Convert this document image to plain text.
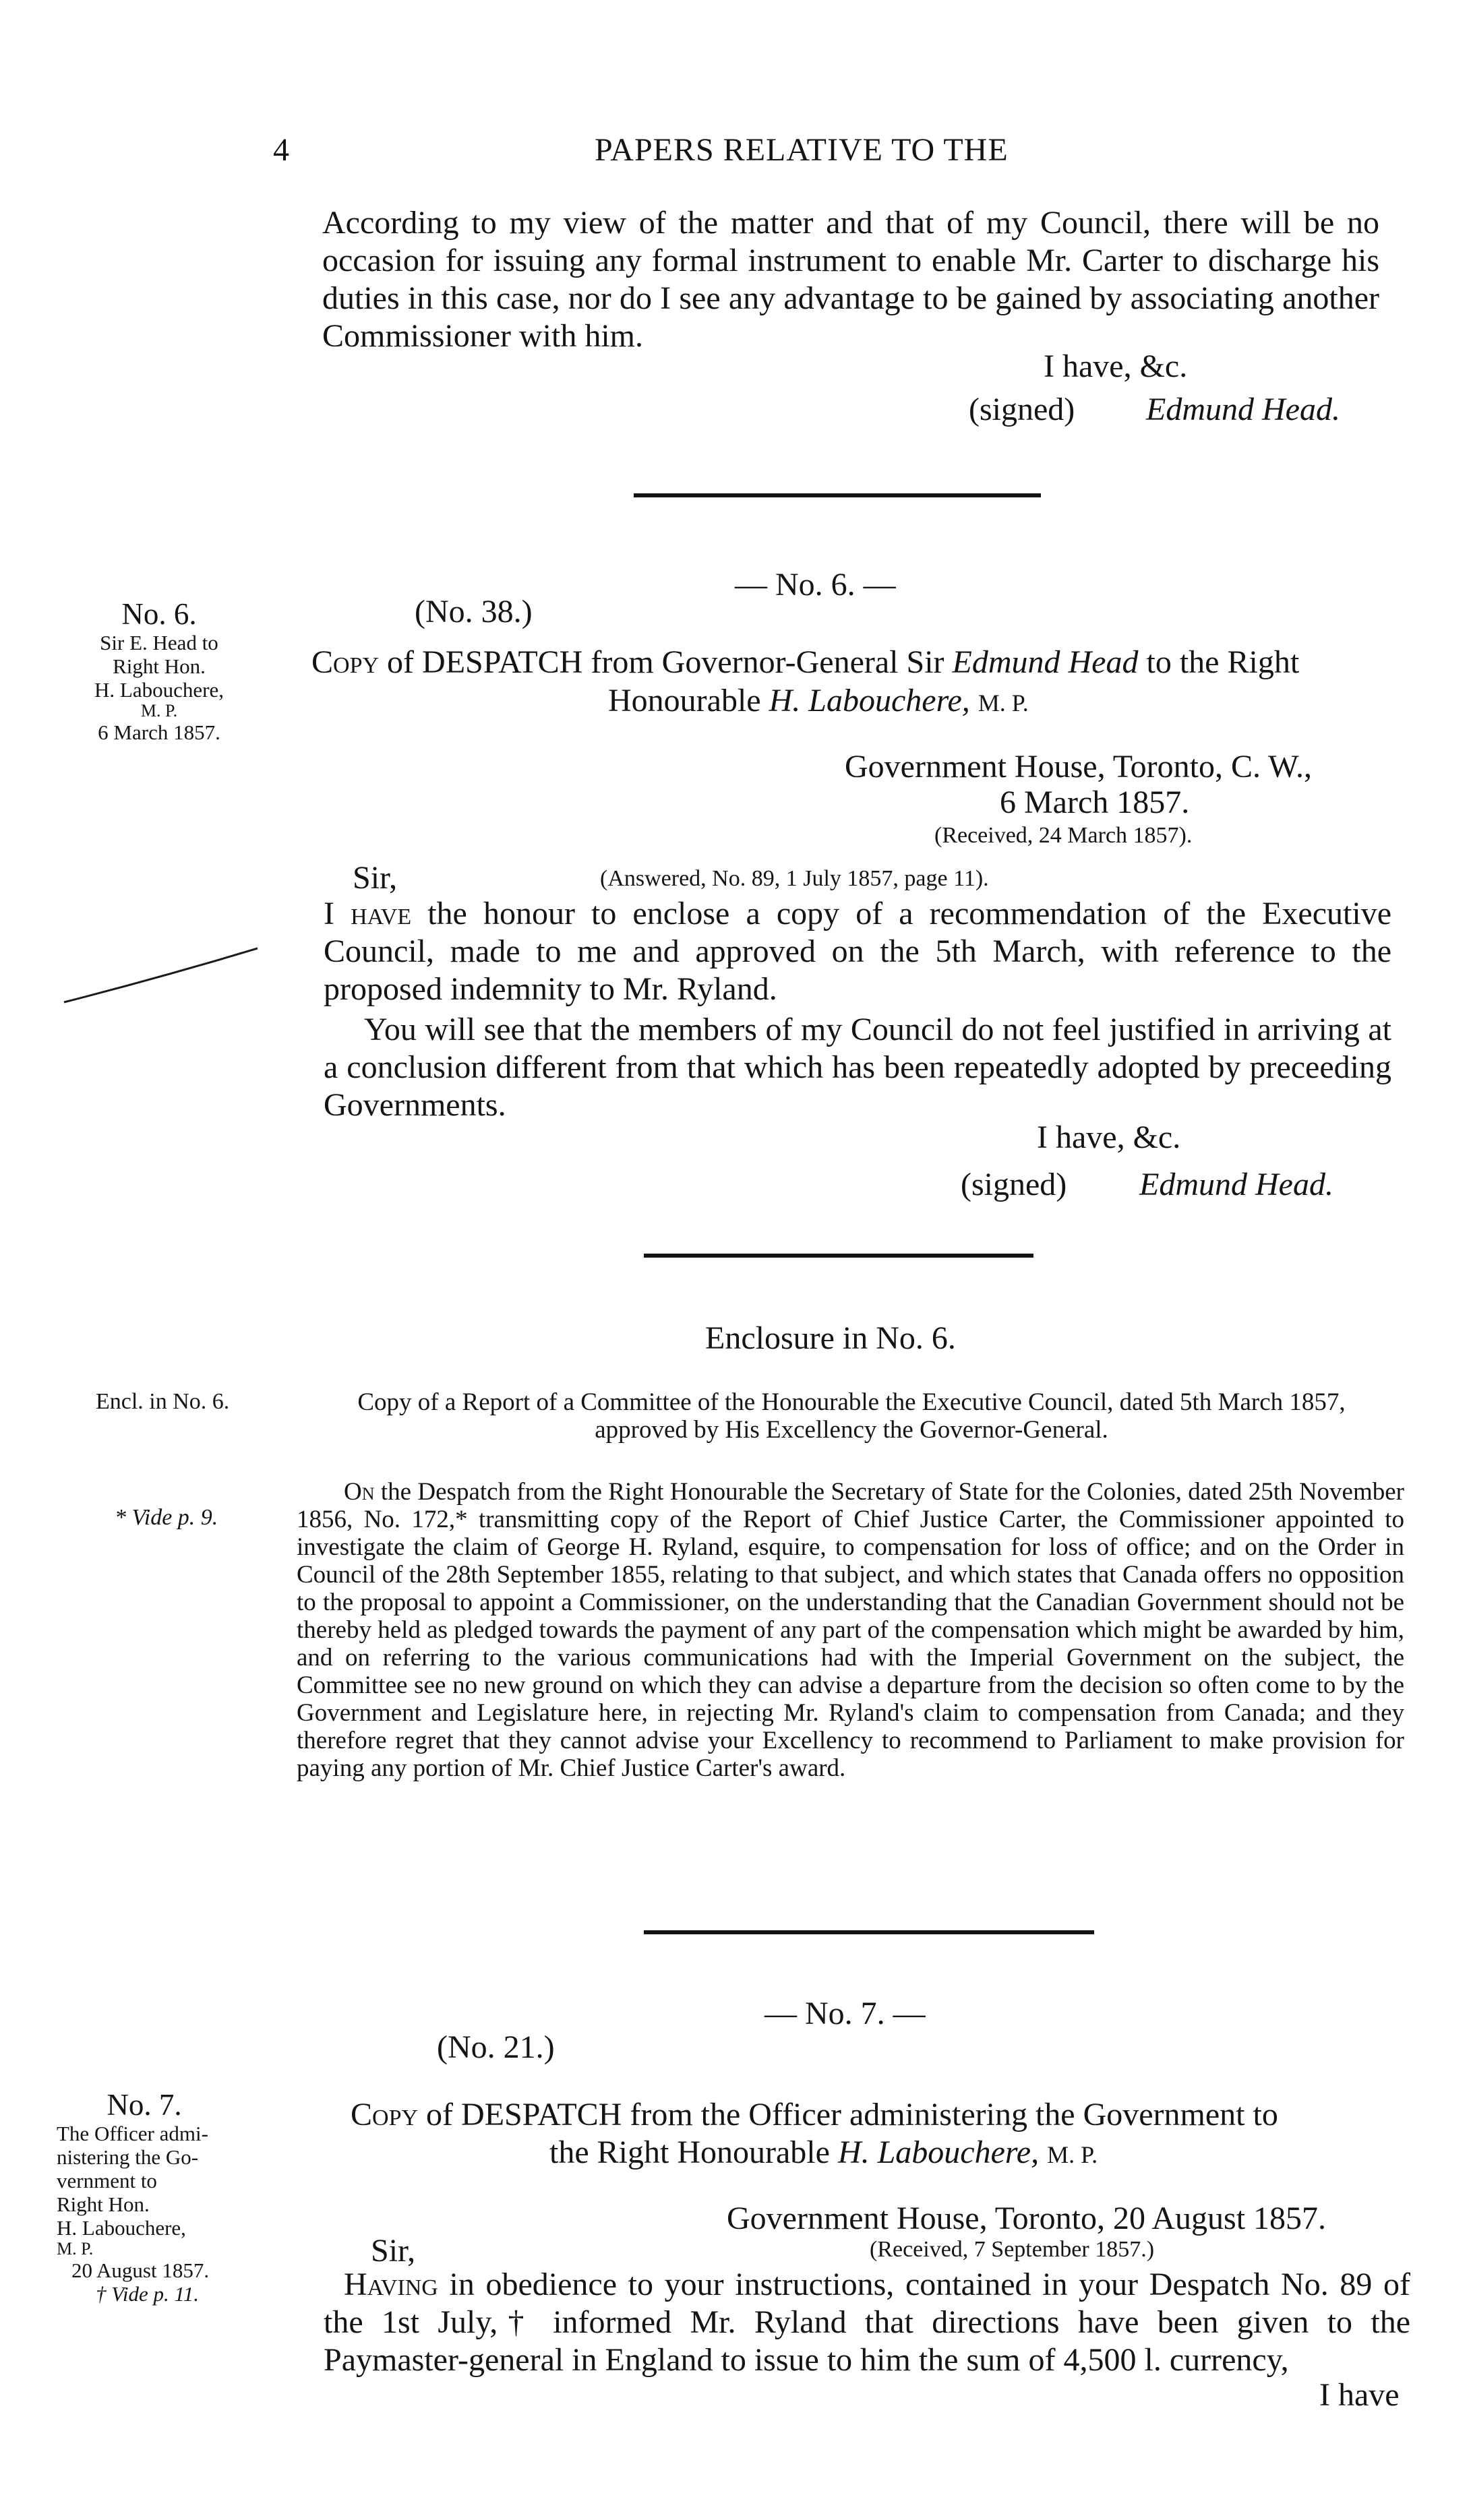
4	PAPERS RELATIVE TO THE

According to my view of the matter and that of my Council, there will be no occasion for issuing any formal instrument to enable Mr. Carter to discharge his duties in this case, nor do I see any advantage to be gained by associating another Commissioner with him.

I have, &c.
(signed) Edmund Head.
— No. 6. —
(No. 38.)
No. 6.
Sir E. Head to
Right Hon.
H. Labouchere,
M. P.
6 March 1857.
Copy of DESPATCH from Governor-General Sir Edmund Head to the Right
Honourable H. Labouchere, M. P.
Government House, Toronto, C. W.,
6 March 1857.
(Received, 24 March 1857).
Sir,	(Answered, No. 89, 1 July 1857, page 11).

I have the honour to enclose a copy of a recommendation of the Executive Council, made to me and approved on the 5th March, with reference to the proposed indemnity to Mr. Ryland.

You will see that the members of my Council do not feel justified in arriving at a conclusion different from that which has been repeatedly adopted by preceeding Governments.

I have, &c.
(signed) Edmund Head.
Enclosure in No. 6.
Encl. in No. 6.
* Vide p. 9.
Copy of a Report of a Committee of the Honourable the Executive Council, dated 5th March 1857, approved by His Excellency the Governor-General.
On the Despatch from the Right Honourable the Secretary of State for the Colonies, dated 25th November 1856, No. 172,* transmitting copy of the Report of Chief Justice Carter, the Commissioner appointed to investigate the claim of George H. Ryland, esquire, to compensation for loss of office; and on the Order in Council of the 28th September 1855, relating to that subject, and which states that Canada offers no opposition to the proposal to appoint a Commissioner, on the understanding that the Canadian Government should not be thereby held as pledged towards the payment of any part of the compensation which might be awarded by him, and on referring to the various communications had with the Imperial Government on the subject, the Committee see no new ground on which they can advise a departure from the decision so often come to by the Government and Legislature here, in rejecting Mr. Ryland's claim to compensation from Canada; and they therefore regret that they cannot advise your Excellency to recommend to Parliament to make provision for paying any portion of Mr. Chief Justice Carter's award.
— No. 7. —
(No. 21.)
No. 7.
The Officer admi-
nistering the Go-
vernment to
Right Hon.
H. Labouchere,
M. P.
20 August 1857.
† Vide p. 11.
Copy of DESPATCH from the Officer administering the Government to
the Right Honourable H. Labouchere, M. P.
Government House, Toronto, 20 August 1857.
Sir,	(Received, 7 September 1857.)

Having in obedience to your instructions, contained in your Despatch No. 89 of the 1st July,† informed Mr. Ryland that directions have been given to the Paymaster-general in England to issue to him the sum of 4,500 l. currency,

I have
